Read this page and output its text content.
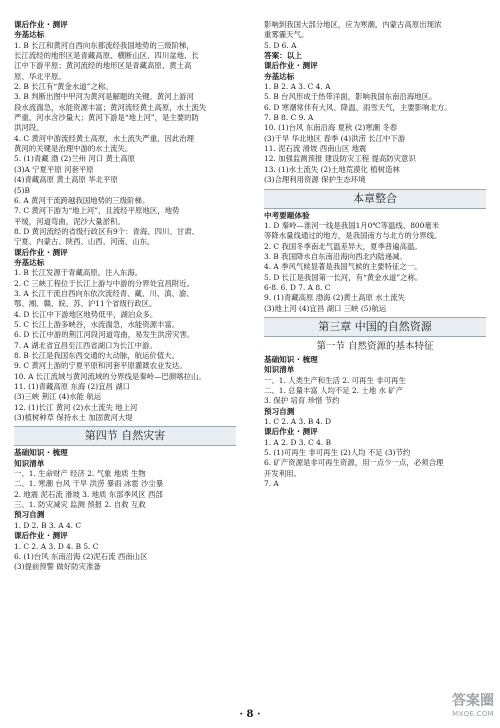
课后作业 · 测评
夯基达标
1. B 长江和黄河自西向东都流经我国地势的三级阶梯，
长江流经的地形区是青藏高原、横断山区、四川盆地、长
江中下游平原；黄河流经的地形区是青藏高原、黄土高
原、华北平原。
2. B 长江有“黄金水道”之称。
3. B 判断出图中甲河为黄河是解题的关键。黄河上游河
段水流湍急，水能资源丰富；黄河流经黄土高原，水土流失
严重，河水含沙量大；黄河下游是“地上河”，是主要的防
洪河段。
4. C 黄河中游流经黄土高原，水土流失严重，因此治理
黄河的关键是治理中游的水土流失。
5. (1)青藏 渤 (2)兰州 河口 黄土高原
(3)A 宁夏平原 河套平原
(4)青藏高原 黄土高原 华北平原
(5)B
6. A 黄河干流跨越我国地势的三级阶梯。
7. C 黄河下游为“地上河”，且流经平原地区，地势
平缓，河道弯曲，泥沙大量淤积。
8. D 黄河流经的省级行政区有9个：青海、四川、甘肃、
宁夏、内蒙古、陕西、山西、河南、山东。
课后作业 · 测评
夯基达标
1. B 长江发源于青藏高原，注入东海。
2. C 三峡工程位于长江上游与中游的分界处宜昌附近。
3. A 长江干流自西向东依次流经青、藏、川、滇、渝、
鄂、湘、赣、皖、苏、沪11个省级行政区。
4. D 长江中下游地区地势低平，湖泊众多。
5. C 长江上游多峡谷，水流湍急，水能资源丰富。
6. D 长江中游的荆江河段河道弯曲，易发生洪涝灾害。
7. A 湖北省宜昌至江西省湖口为长江中游。
8. B 长江是我国东西交通的大动脉，航运价值大。
9. C 黄河上游的宁夏平原和河套平原灌溉农业发达。
10. A 长江流域与黄河流域的分界线是秦岭—巴颜喀拉山。
11. (1)青藏高原 东海 (2)宜昌 湖口
(3)三峡 荆江 (4)水能 航运
12. (1)长江 黄河 (2)水土流失 地上河
(3)植树种草 保持水土 加固黄河大堤
第四节 自然灾害
基础知识 · 梳理
知识清单
一、1. 生命财产 经济 2. 气象 地质 生物
二、1. 寒潮 台风 干旱 洪涝 暴雨 冰雹 沙尘暴
2. 地震 泥石流 滑坡 3. 地质 东部季风区 西部
三、1. 防灾减灾 监测 预报 2. 自救 互救
预习自测
1. D 2. B 3. A 4. C
课后作业 · 测评
1. C 2. A 3. D 4. B 5. C
6. (1)台风 东南沿海 (2)泥石流 西南山区
(3)提前预警 做好防灾准备
影响到我国大部分地区，应为寒潮，内蒙古高原出现浓
重雾霾天气。
5. D 6. A
答案：以上
课后作业 · 测评
夯基达标
1. B 2. A 3. C 4. A
5. B 台风形成于热带洋面，影响我国东南沿海地区。
6. D 寒潮常伴有大风、降温、雨雪天气，主要影响北方。
7. B 8. C 9. A
10. (1)台风 东南沿海 夏秋 (2)寒潮 冬春
(3)干旱 华北地区 春季 (4)洪涝 长江中下游
11. 泥石流 滑坡 西南山区 地震
12. 加强监测预报 建设防灾工程 提高防灾意识
13. (1)水土流失 (2)土地荒漠化 植树造林
(3)合理利用资源 保护生态环境
本章整合
中考要题体验
1. D 秦岭—淮河一线是我国1月0℃等温线、800毫米
等降水量线通过的地方，是我国南方与北方的分界线。
2. C 我国冬季南北气温差异大，夏季普遍高温。
3. B 我国降水自东南沿海向西北内陆递减。
4. A 季风气候显著是我国气候的主要特征之一。
5. D 长江是我国第一长河，有“黄金水道”之称。
6-8. 6. D 7. A 8. C
9. (1)青藏高原 渤海 (2)黄土高原 水土流失
(3)地上河 (4)宜昌 湖口 三峡 (5)航运
第三章 中国的自然资源
第一节 自然资源的基本特征
基础知识 · 梳理
知识清单
一、1. 人类生产和生活 2. 可再生 非可再生
二、1. 总量丰富 人均不足 2. 土地 水 矿产
3. 保护 培育 珍惜 节约
预习自测
1. C 2. A 3. B 4. D
课后作业 · 测评
1. A 2. D 3. C 4. B
5. (1)可再生 非可再生 (2)人均 不足 (3)节约
6. 矿产资源是非可再生资源，用一点少一点，必须合理
开发利用。
7. A
· 8 ·
答案圈
MXQE.COM
